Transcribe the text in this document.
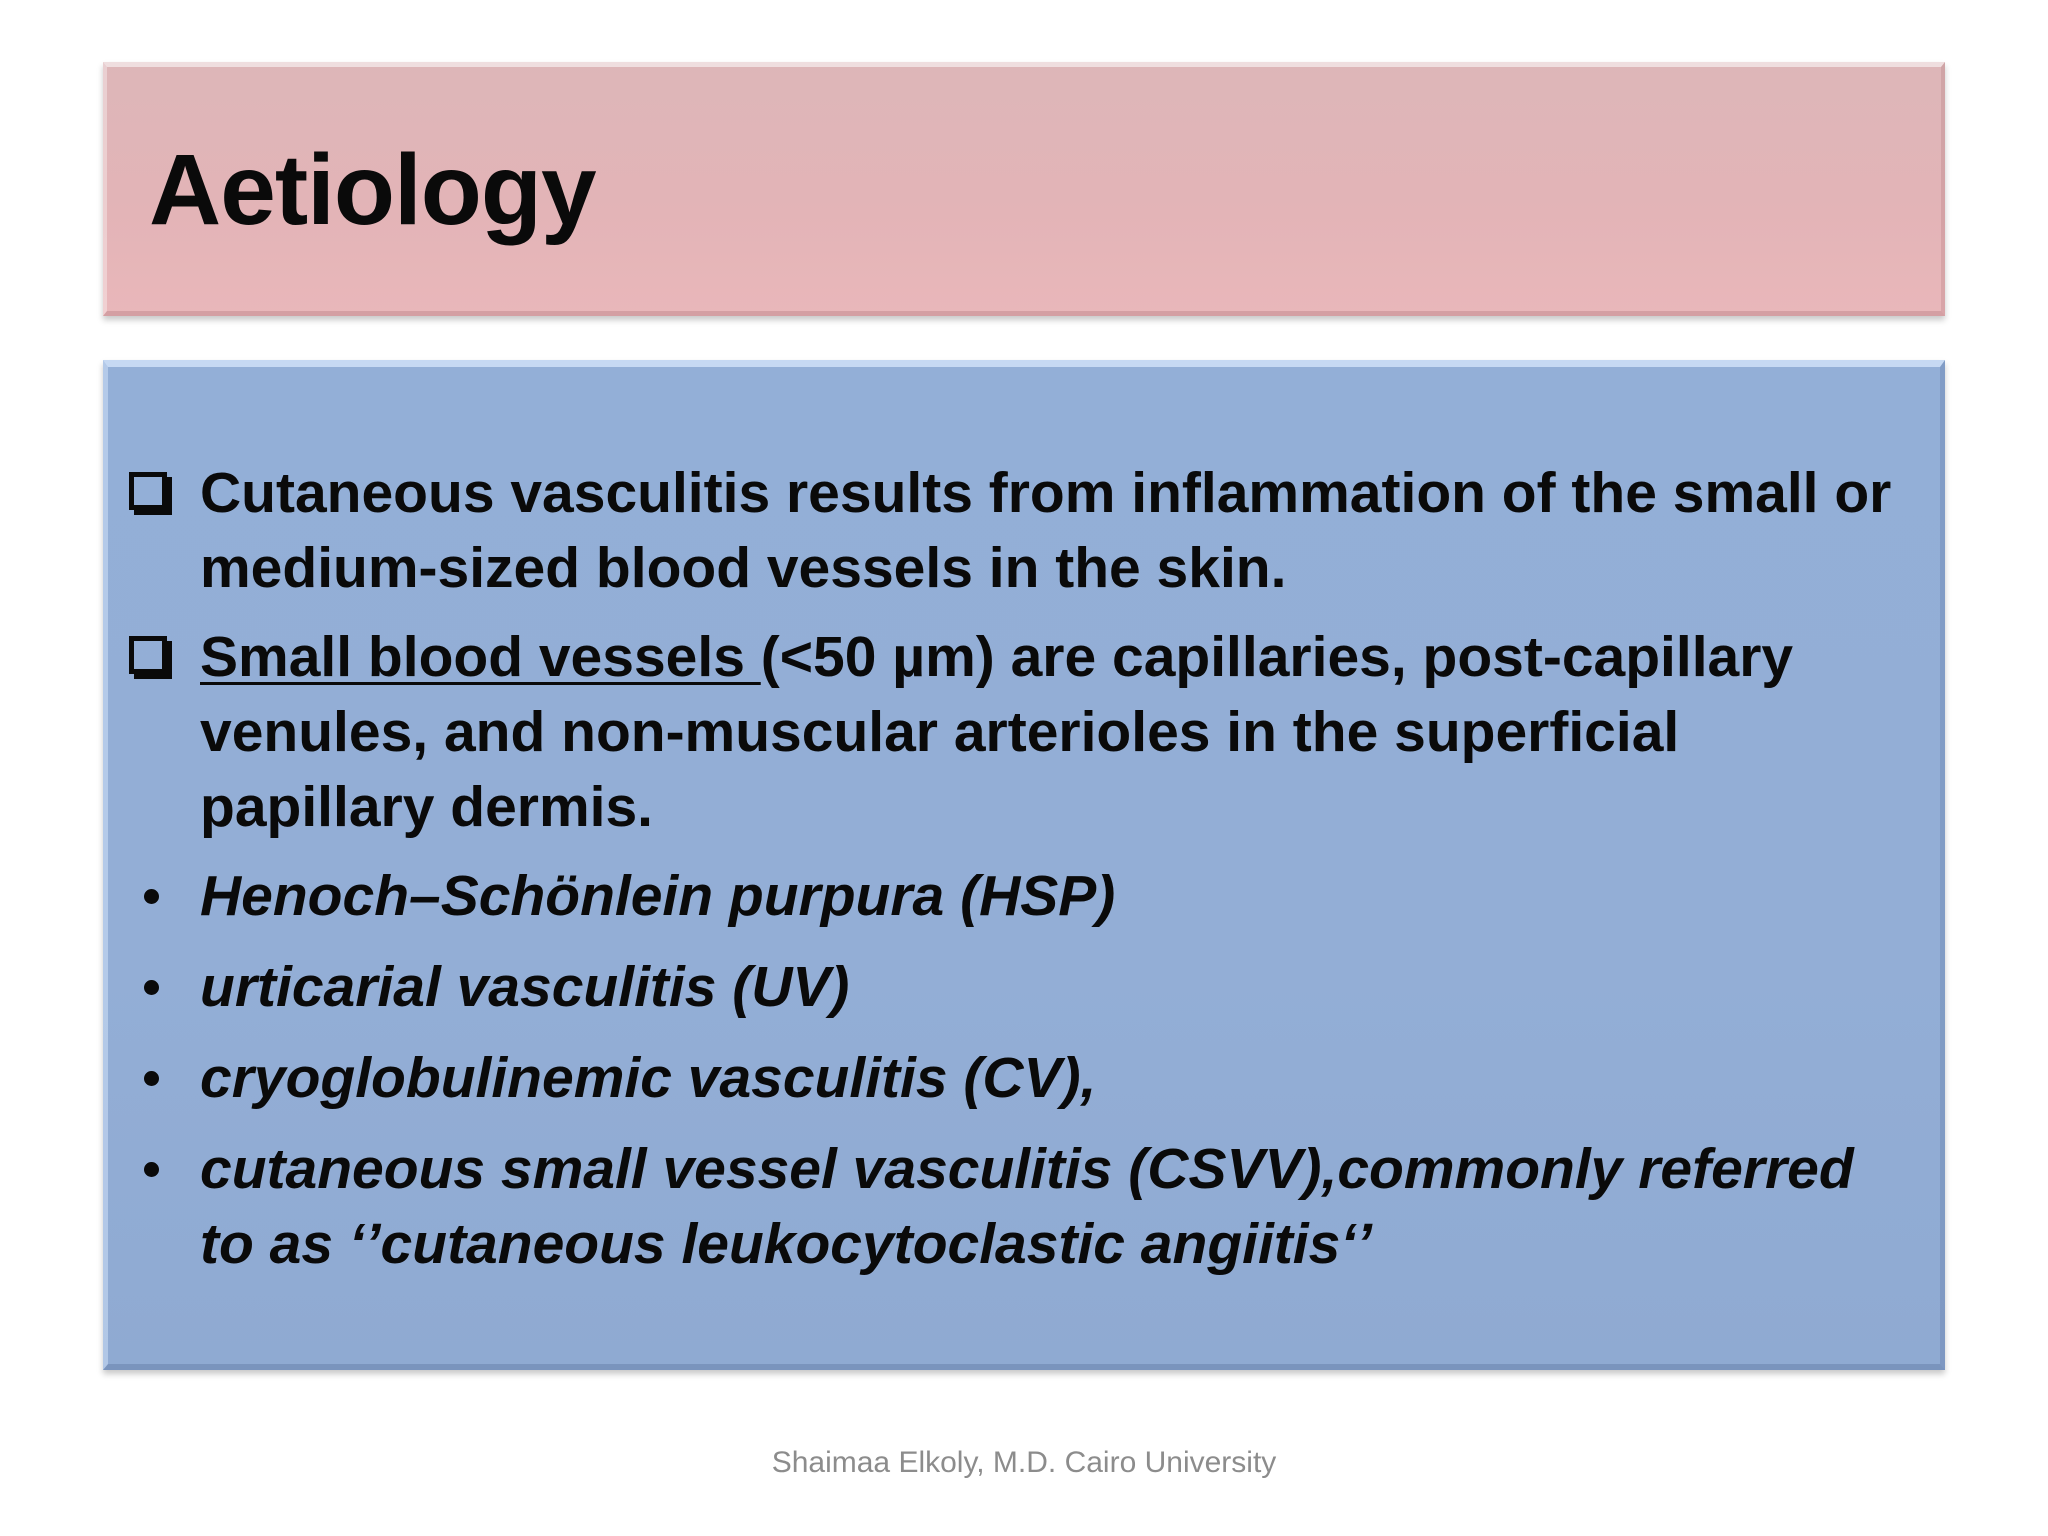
Aetiology
Cutaneous vasculitis results from inflammation of the small or medium-sized blood vessels in the skin.
Small blood vessels (<50 µm) are capillaries, post-capillary venules, and non-muscular arterioles in the superficial papillary dermis.
Henoch–Schönlein purpura (HSP)
urticarial vasculitis (UV)
cryoglobulinemic vasculitis (CV),
cutaneous small vessel vasculitis (CSVV),commonly referred to as ‘’cutaneous leukocytoclastic angiitis‘’
Shaimaa Elkoly, M.D. Cairo University
